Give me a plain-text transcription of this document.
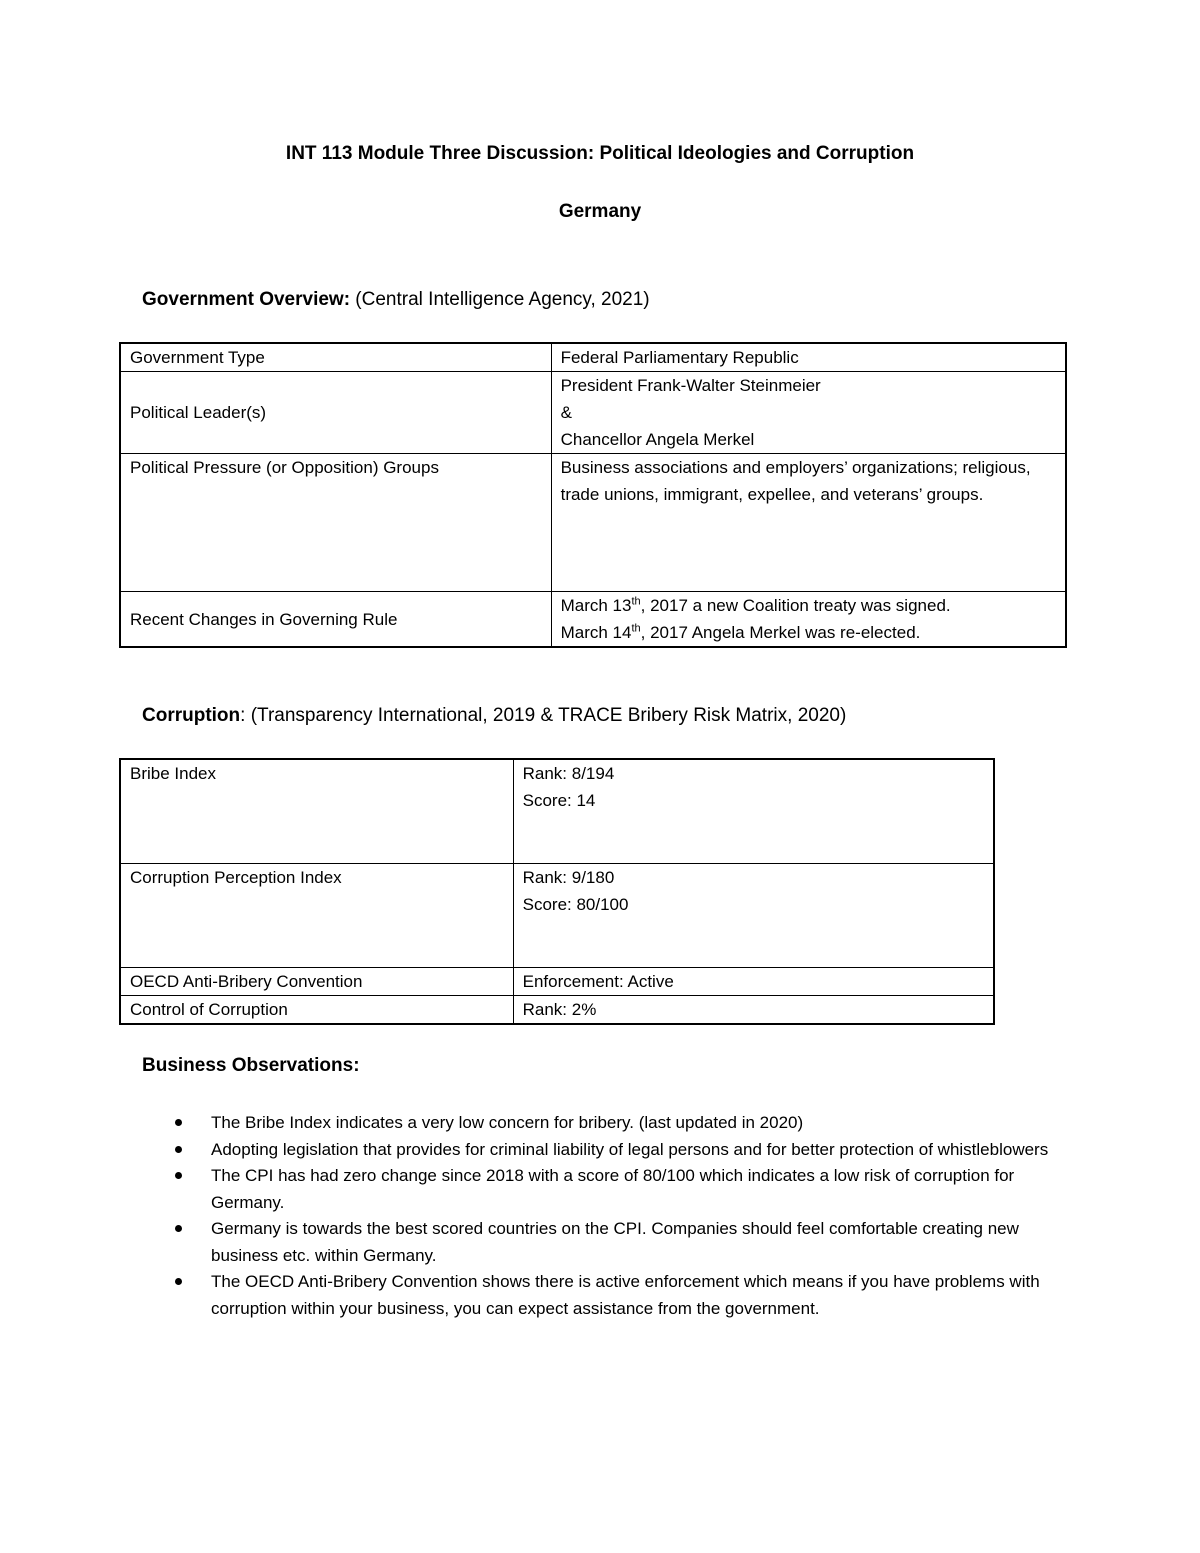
INT 113 Module Three Discussion: Political Ideologies and Corruption
Germany
Government Overview: (Central Intelligence Agency, 2021)
Government Type	Federal Parliamentary Republic
Political Leader(s)	President Frank-Walter Steinmeier
&
Chancellor Angela Merkel

Political Pressure (or Opposition) Groups	Business associations and employers’ organizations; religious, trade unions, immigrant, expellee, and veterans’ groups.
Recent Changes in Governing Rule	March 13th, 2017 a new Coalition treaty was signed.
March 14th, 2017 Angela Merkel was re-elected.
Corruption: (Transparency International, 2019 & TRACE Bribery Risk Matrix, 2020)
Bribe Index	Rank: 8/194
Score: 14

Corruption Perception Index	Rank: 9/180
Score: 80/100

OECD Anti-Bribery Convention	Enforcement: Active
Control of Corruption	Rank: 2%
Business Observations:
The Bribe Index indicates a very low concern for bribery. (last updated in 2020)
Adopting legislation that provides for criminal liability of legal persons and for better protection of whistleblowers
The CPI has had zero change since 2018 with a score of 80/100 which indicates a low risk of corruption for Germany.
Germany is towards the best scored countries on the CPI. Companies should feel comfortable creating new business etc. within Germany.
The OECD Anti-Bribery Convention shows there is active enforcement which means if you have problems with corruption within your business, you can expect assistance from the government.
